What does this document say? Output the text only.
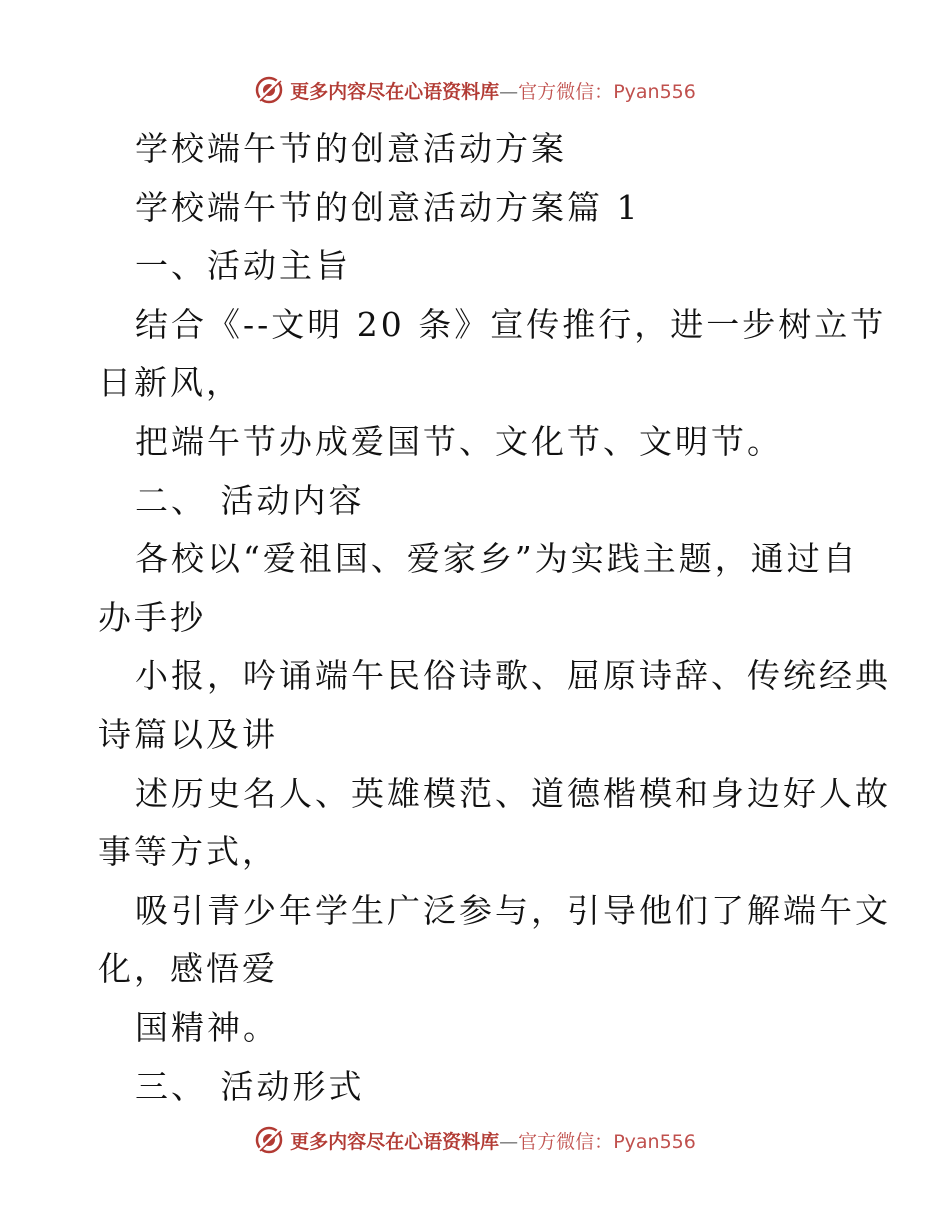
更多内容尽在心语资料库—官方微信：Pyan556
学校端午节的创意活动方案
学校端午节的创意活动方案篇 1
一、活动主旨
结合《--文明 20 条》宣传推行，进一步树立节
日新风，
把端午节办成爱国节、文化节、文明节。
二、 活动内容
各校以“爱祖国、爱家乡”为实践主题，通过自
办手抄
小报，吟诵端午民俗诗歌、屈原诗辞、传统经典
诗篇以及讲
述历史名人、英雄模范、道德楷模和身边好人故
事等方式，
吸引青少年学生广泛参与，引导他们了解端午文
化，感悟爱
国精神。
三、 活动形式
更多内容尽在心语资料库—官方微信：Pyan556
